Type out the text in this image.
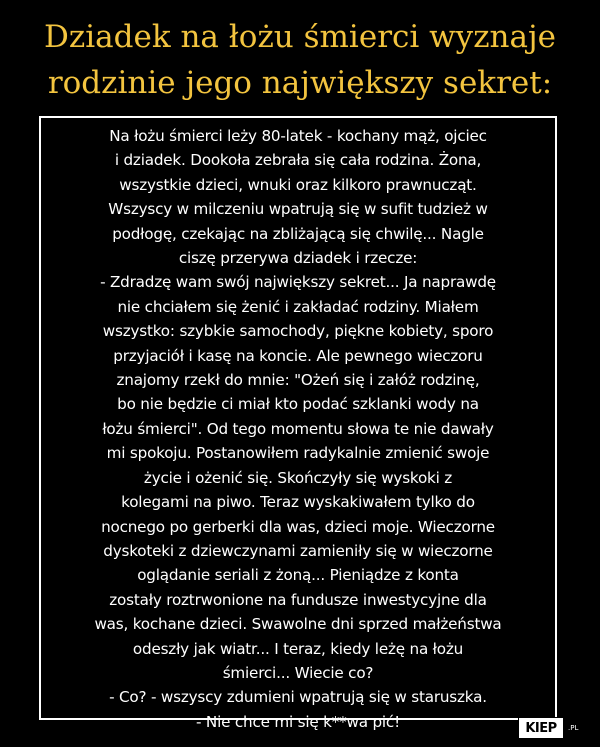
Dziadek na łożu śmierci wyznaje
rodzinie jego największy sekret:
Na łożu śmierci leży 80-latek - kochany mąż, ojciec
i dziadek. Dookoła zebrała się cała rodzina. Żona,
wszystkie dzieci, wnuki oraz kilkoro prawnucząt.
Wszyscy w milczeniu wpatrują się w sufit tudzież w
podłogę, czekając na zbliżającą się chwilę... Nagle
ciszę przerywa dziadek i rzecze:
- Zdradzę wam swój największy sekret... Ja naprawdę
nie chciałem się żenić i zakładać rodziny. Miałem
wszystko: szybkie samochody, piękne kobiety, sporo
przyjaciół i kasę na koncie. Ale pewnego wieczoru
znajomy rzekł do mnie: "Ożeń się i załóż rodzinę,
bo nie będzie ci miał kto podać szklanki wody na
łożu śmierci". Od tego momentu słowa te nie dawały
mi spokoju. Postanowiłem radykalnie zmienić swoje
życie i ożenić się. Skończyły się wyskoki z
kolegami na piwo. Teraz wyskakiwałem tylko do
nocnego po gerberki dla was, dzieci moje. Wieczorne
dyskoteki z dziewczynami zamieniły się w wieczorne
oglądanie seriali z żoną... Pieniądze z konta
zostały roztrwonione na fundusze inwestycyjne dla
was, kochane dzieci. Swawolne dni sprzed małżeństwa
odeszły jak wiatr... I teraz, kiedy leżę na łożu
śmierci... Wiecie co?
- Co? - wszyscy zdumieni wpatrują się w staruszka.
- Nie chce mi się k**wa pić!	KIEP .PL
